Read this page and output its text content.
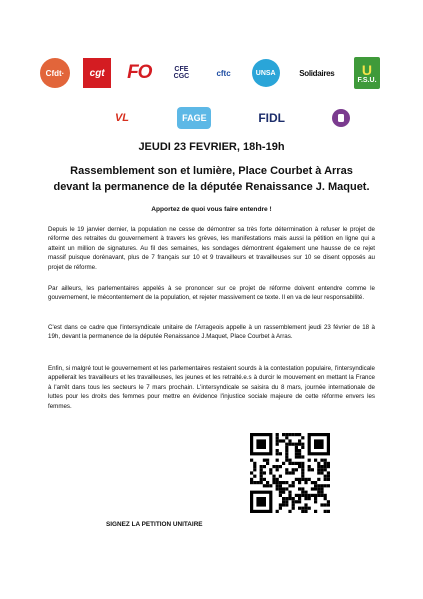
Cfdt·	cgt	FO	CFE CGC	cftc	UNSA	Solidaires	U
F.S.U.
VL	FAGE	FIDL
JEUDI 23 FEVRIER, 18h-19h
Rassemblement son et lumière, Place Courbet à Arras
devant la permanence de la députée Renaissance J. Maquet.
Apportez de quoi vous faire entendre !
Depuis le 19 janvier dernier, la population ne cesse de démontrer sa très forte détermination à refuser le projet de réforme des retraites du gouvernement à travers les grèves, les manifestations mais aussi la pétition en ligne qui a atteint un million de signatures. Au fil des semaines, les sondages démontrent également une hausse de ce rejet massif puisque dorénavant, plus de 7 français sur 10 et 9 travailleurs et travailleuses sur 10 se disent opposés au projet de réforme.
Par ailleurs, les parlementaires appelés à se prononcer sur ce projet de réforme doivent entendre comme le gouvernement, le mécontentement de la population, et rejeter massivement ce texte. Il en va de leur responsabilité.
C'est dans ce cadre que l'intersyndicale unitaire de l'Arrageois appelle à un rassemblement jeudi 23 février de 18 à 19h, devant la permanence de la députée Renaissance J.Maquet, Place Courbet à Arras.
Enfin, si malgré tout le gouvernement et les parlementaires restaient sourds à la contestation populaire, l'intersyndicale appellerait les travailleurs et les travailleuses, les jeunes et les retraité.e.s à durcir le mouvement en mettant la France à l'arrêt dans tous les secteurs le 7 mars prochain. L'intersyndicale se saisira du 8 mars, journée internationale de luttes pour les droits des femmes pour mettre en évidence l'injustice sociale majeure de cette réforme envers les femmes.
SIGNEZ LA PETITION UNITAIRE
